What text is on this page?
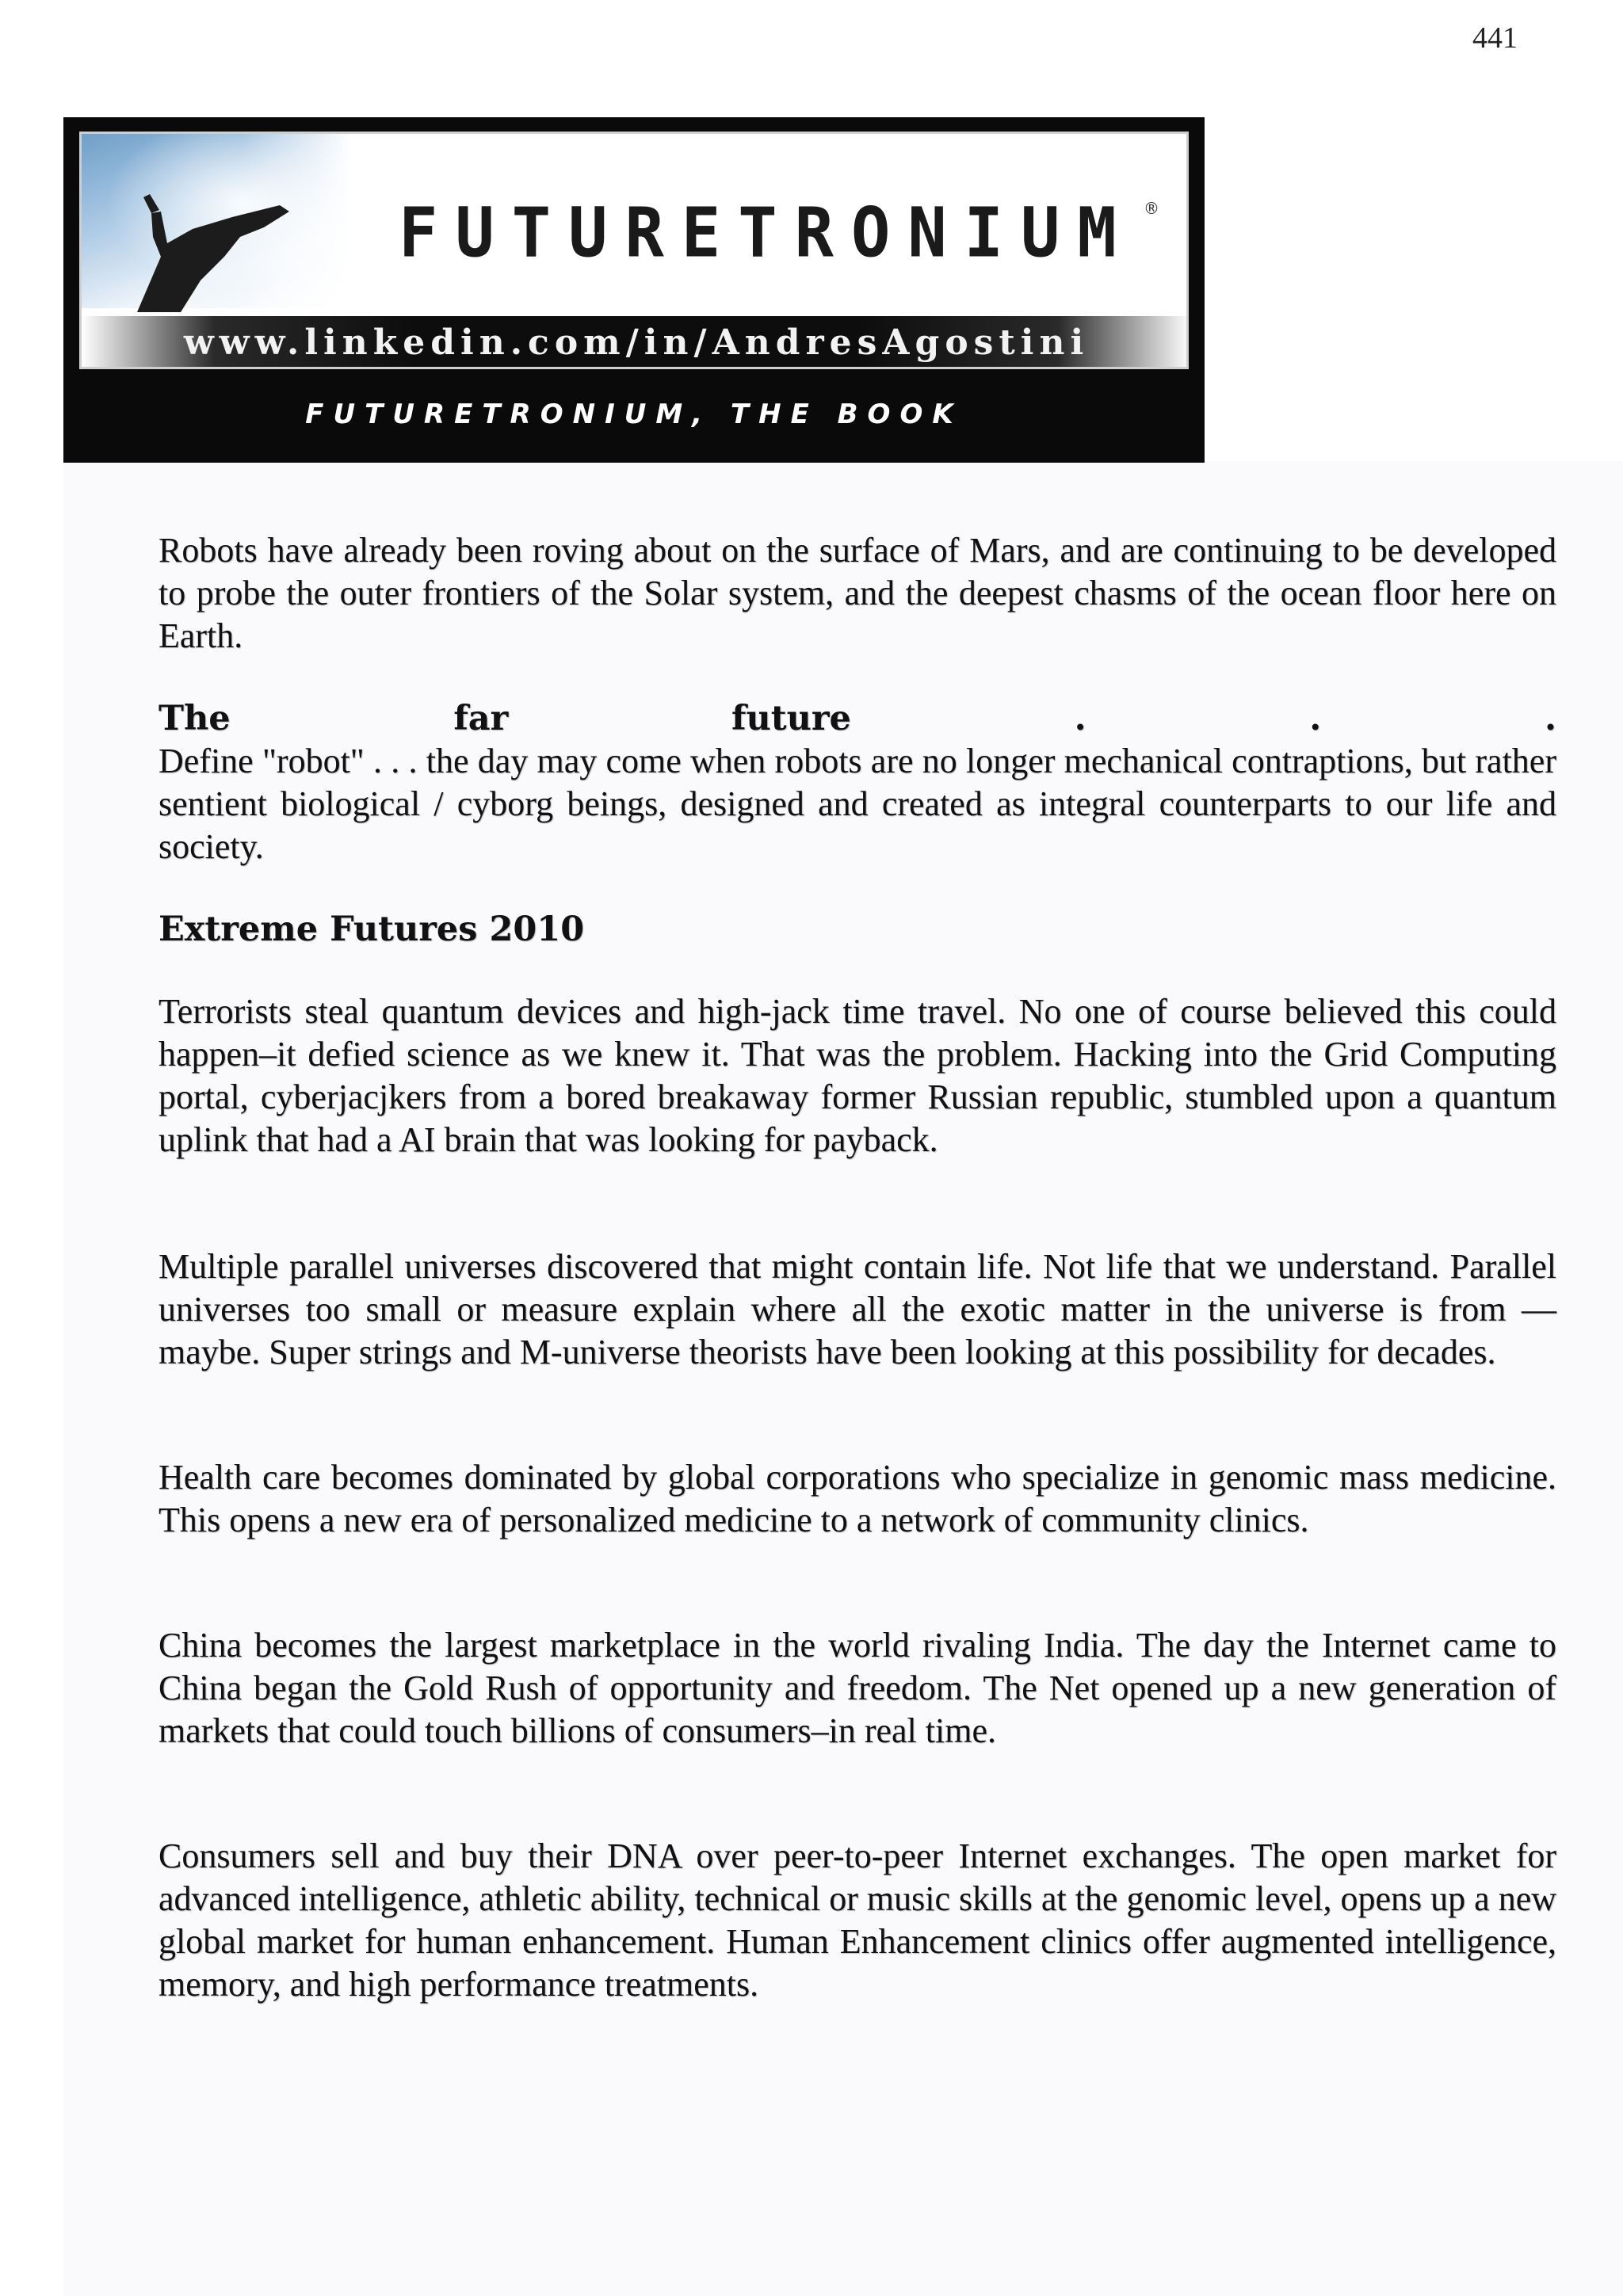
441
FUTURETRONIUM ®
www.linkedin.com/in/AndresAgostini
FUTURETRONIUM, THE BOOK

Robots have already been roving about on the surface of Mars, and are continuing to be developed to probe the outer frontiers of the Solar system, and the deepest chasms of the ocean floor here on Earth.

The	far	future	.	.	.

Define "robot" . . . the day may come when robots are no longer mechanical contraptions, but rather sentient biological / cyborg beings, designed and created as integral counterparts to our life and society.

Extreme Futures 2010

Terrorists steal quantum devices and high-jack time travel. No one of course believed this could happen–it defied science as we knew it. That was the problem. Hacking into the Grid Computing portal, cyberjacjkers from a bored breakaway former Russian republic, stumbled upon a quantum uplink that had a AI brain that was looking for payback.

Multiple parallel universes discovered that might contain life. Not life that we understand. Parallel universes too small or measure explain where all the exotic matter in the universe is from — maybe. Super strings and M-universe theorists have been looking at this possibility for decades.

Health care becomes dominated by global corporations who specialize in genomic mass medicine. This opens a new era of personalized medicine to a network of community clinics.

China becomes the largest marketplace in the world rivaling India. The day the Internet came to China began the Gold Rush of opportunity and freedom. The Net opened up a new generation of markets that could touch billions of consumers–in real time.

Consumers sell and buy their DNA over peer-to-peer Internet exchanges. The open market for advanced intelligence, athletic ability, technical or music skills at the genomic level, opens up a new global market for human enhancement. Human Enhancement clinics offer augmented intelligence, memory, and high performance treatments.
